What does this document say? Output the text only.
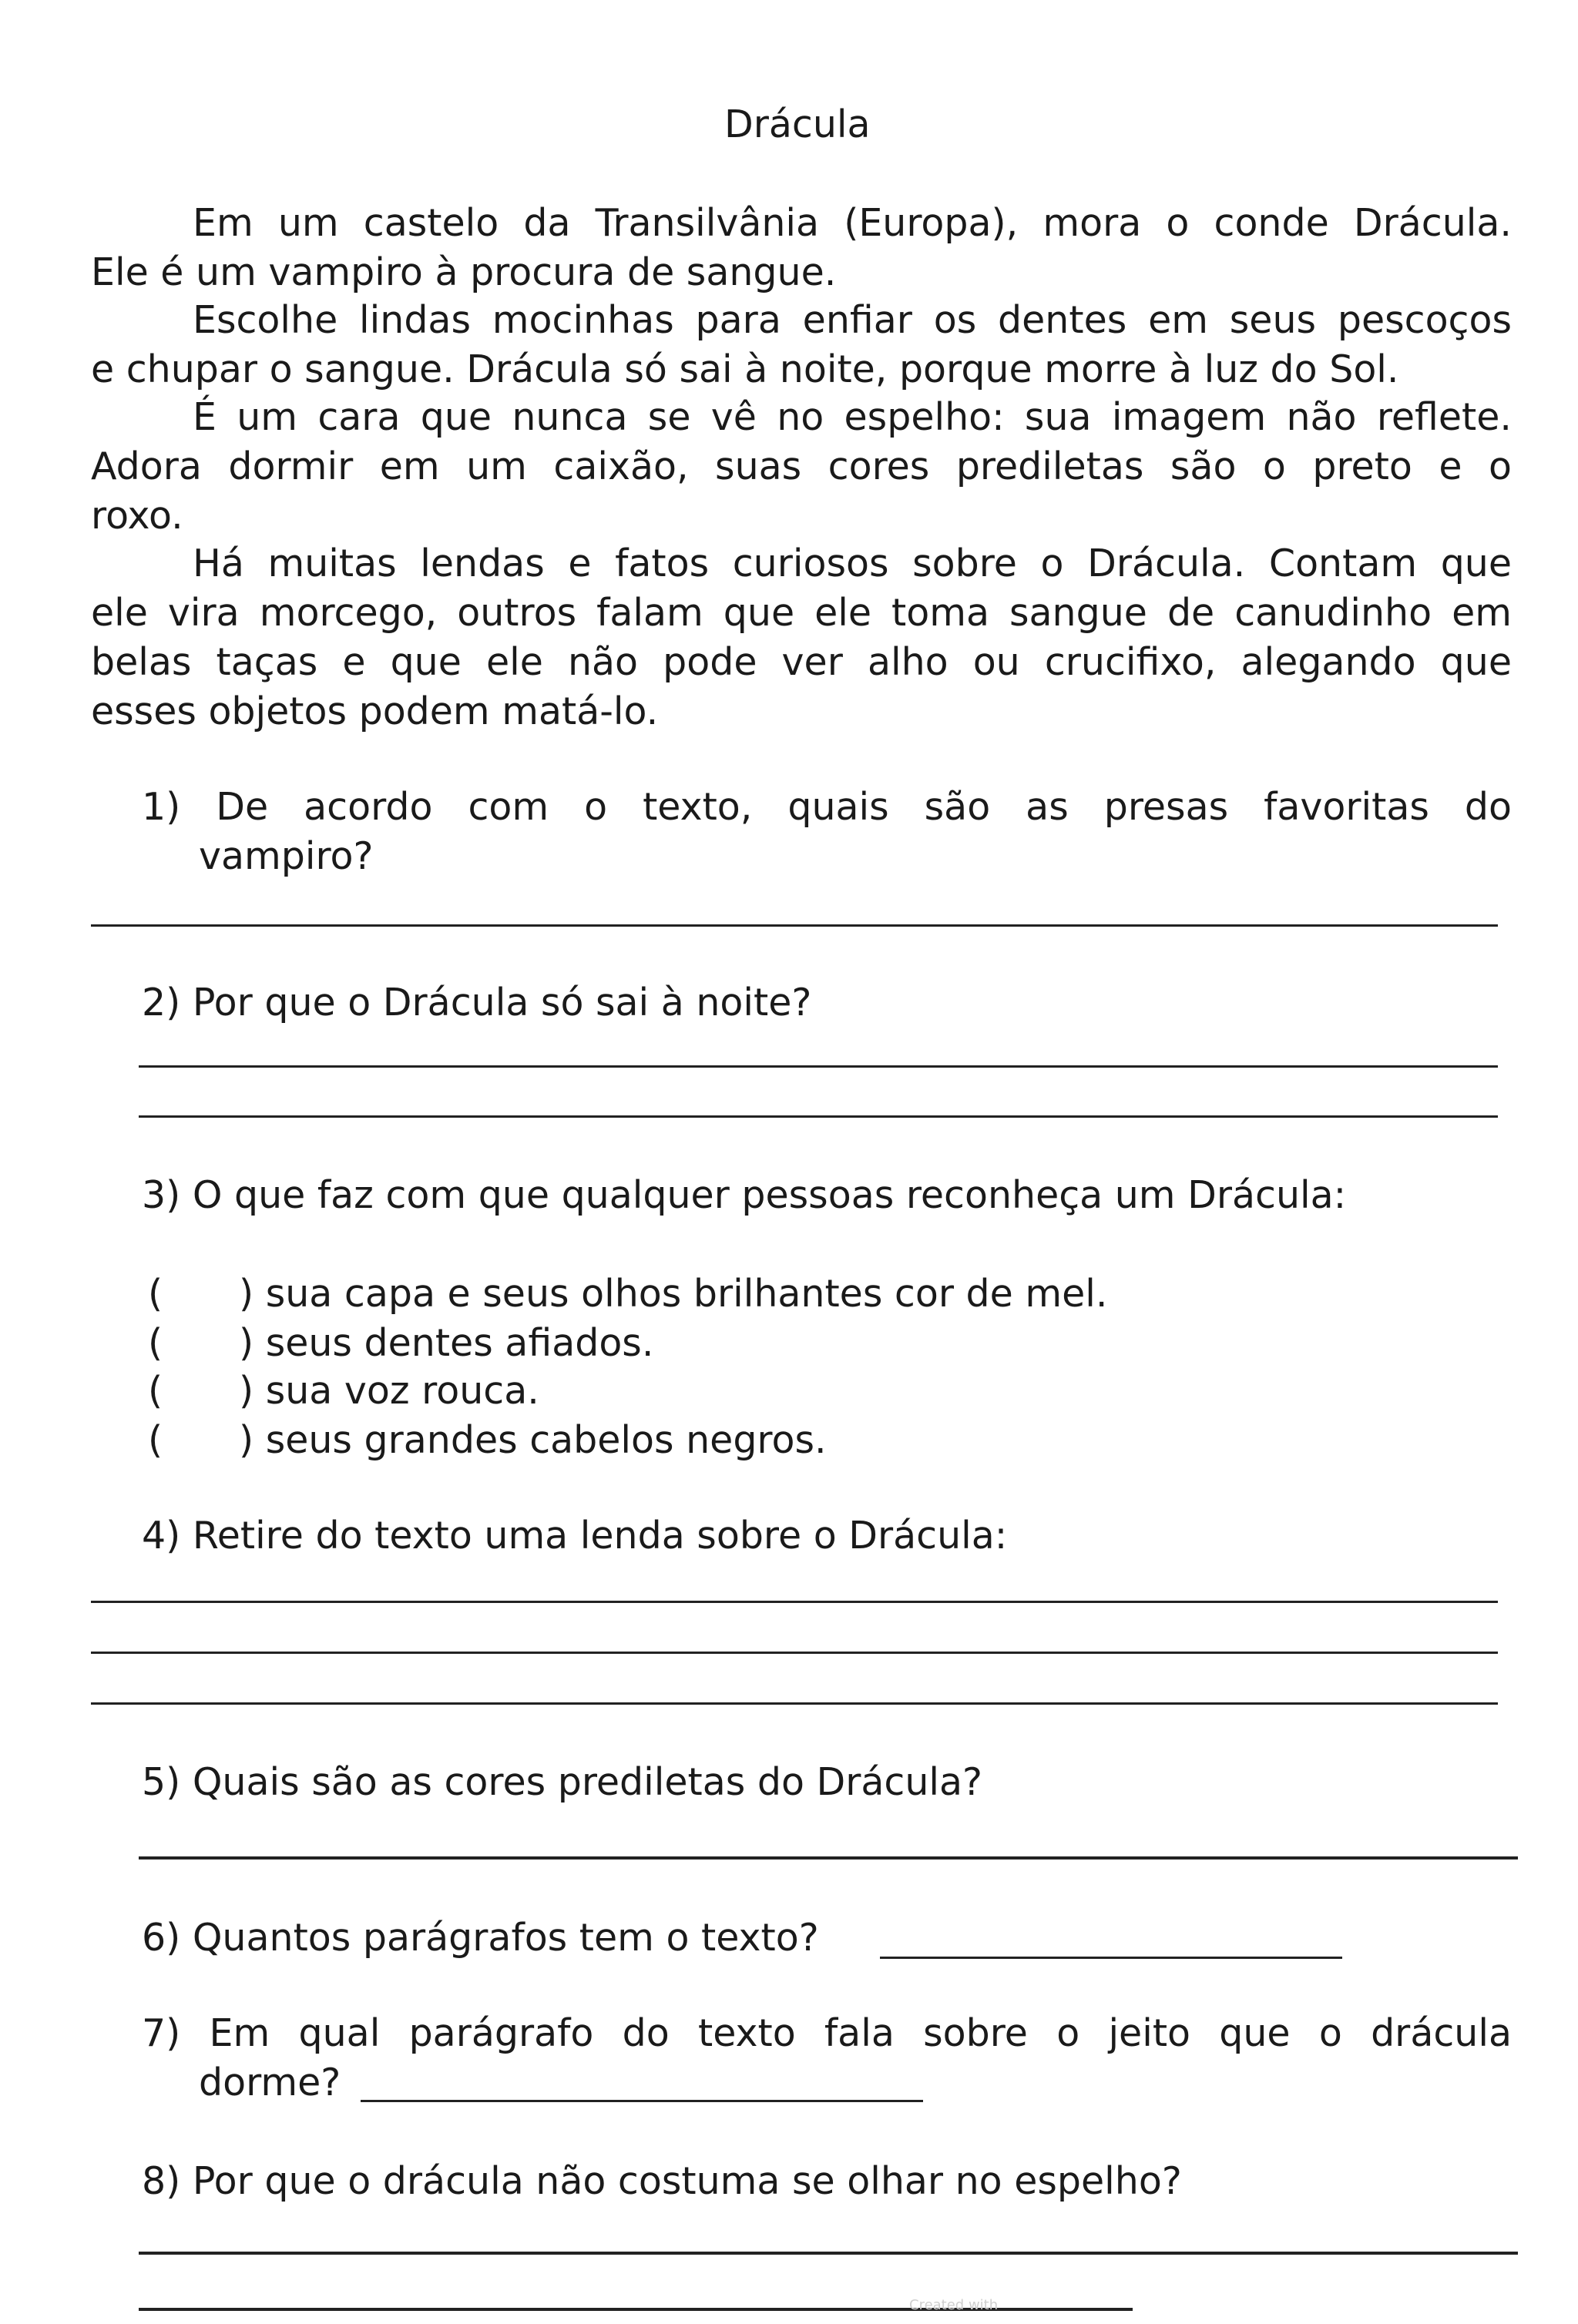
Drácula

Em um castelo da Transilvânia (Europa), mora o conde Drácula.

Ele é um vampiro à procura de sangue.

Escolhe lindas mocinhas para enfiar os dentes em seus pescoços

e chupar o sangue. Drácula só sai à noite, porque morre à luz do Sol.

É um cara que nunca se vê no espelho: sua imagem não reflete.

Adora dormir em um caixão, suas cores prediletas são o preto e o

roxo.

Há muitas lendas e fatos curiosos sobre o Drácula. Contam que

ele vira morcego, outros falam que ele toma sangue de canudinho em

belas taças e que ele não pode ver alho ou crucifixo, alegando que

esses objetos podem matá-lo.

1) De acordo com o texto, quais são as presas favoritas do

vampiro?

2) Por que o Drácula só sai à noite?

3) O que faz com que qualquer pessoas reconheça um Drácula:

( ) sua capa e seus olhos brilhantes cor de mel.

( ) seus dentes afiados.

( ) sua voz rouca.

( ) seus grandes cabelos negros.

4) Retire do texto uma lenda sobre o Drácula:

5) Quais são as cores prediletas do Drácula?

6) Quantos parágrafos tem o texto?

7) Em qual parágrafo do texto fala sobre o jeito que o drácula

dorme?

8) Por que o drácula não costuma se olhar no espelho?

Created with
